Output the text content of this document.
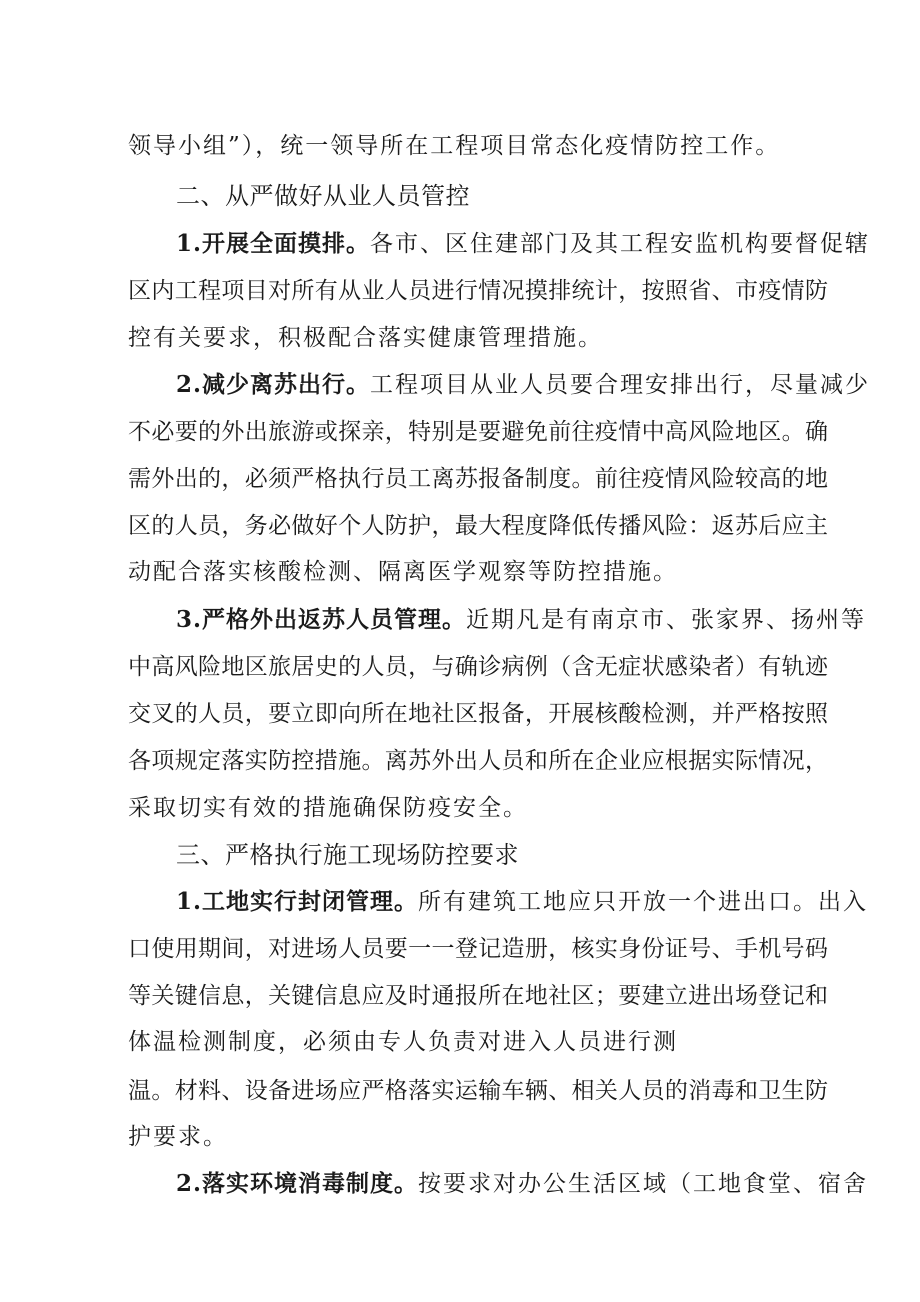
领导小组”），统一领导所在工程项目常态化疫情防控工作。
二、从严做好从业人员管控
1.开展全面摸排。各市、区住建部门及其工程安监机构要督促辖
区内工程项目对所有从业人员进行情况摸排统计，按照省、市疫情防
控有关要求，积极配合落实健康管理措施。
2.减少离苏出行。工程项目从业人员要合理安排出行，尽量减少
不必要的外出旅游或探亲，特别是要避免前往疫情中高风险地区。确
需外出的，必须严格执行员工离苏报备制度。前往疫情风险较高的地
区的人员，务必做好个人防护，最大程度降低传播风险：返苏后应主
动配合落实核酸检测、隔离医学观察等防控措施。
3.严格外出返苏人员管理。近期凡是有南京市、张家界、扬州等
中高风险地区旅居史的人员，与确诊病例（含无症状感染者）有轨迹
交叉的人员，要立即向所在地社区报备，开展核酸检测，并严格按照
各项规定落实防控措施。离苏外出人员和所在企业应根据实际情况，
采取切实有效的措施确保防疫安全。
三、严格执行施工现场防控要求
1.工地实行封闭管理。所有建筑工地应只开放一个进出口。出入
口使用期间，对进场人员要一一登记造册，核实身份证号、手机号码
等关键信息，关键信息应及时通报所在地社区；要建立进出场登记和
体温检测制度，必须由专人负责对进入人员进行测
温。材料、设备进场应严格落实运输车辆、相关人员的消毒和卫生防
护要求。
2.落实环境消毒制度。按要求对办公生活区域（工地食堂、宿舍
